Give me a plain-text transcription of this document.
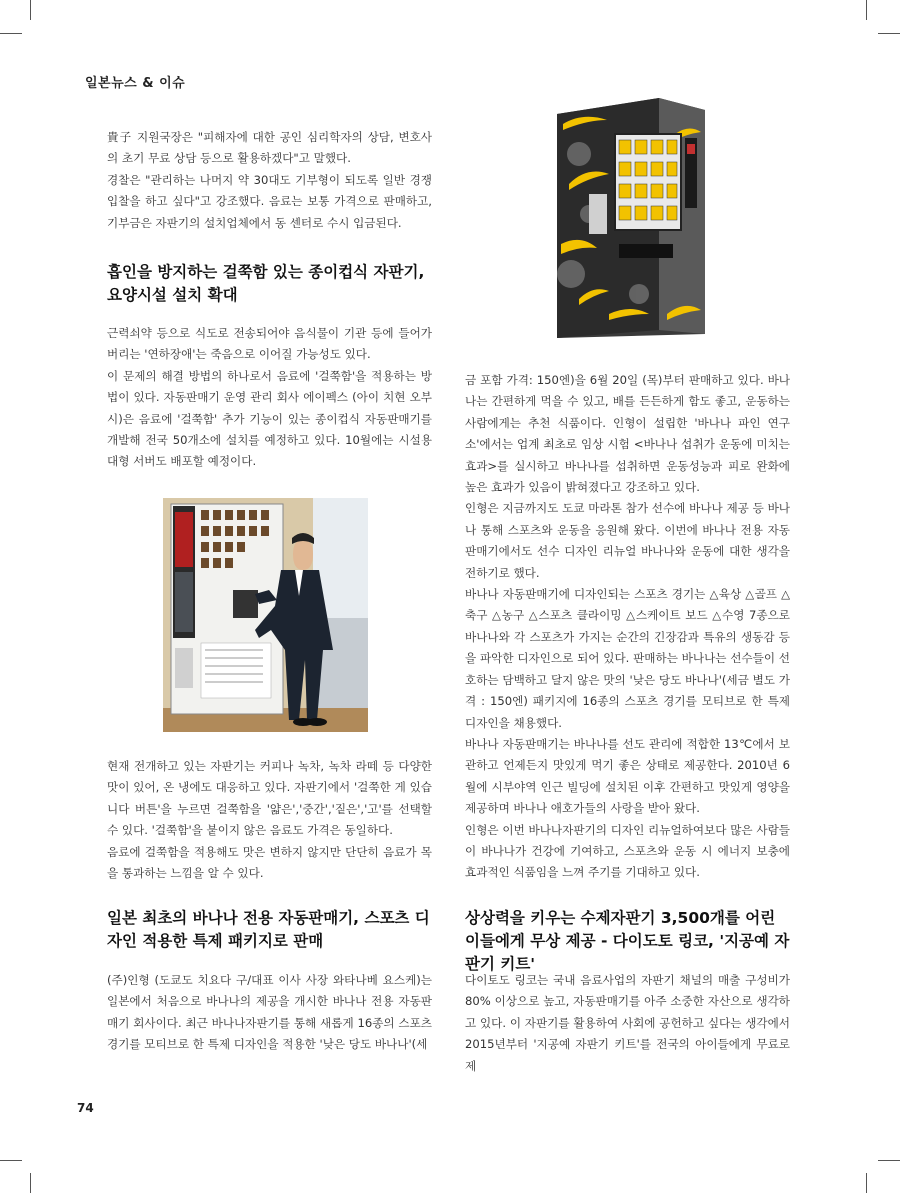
일본뉴스 & 이슈

貴子 지원국장은 "피해자에 대한 공인 심리학자의 상담, 변호사의 초기 무료 상담 등으로 활용하겠다"고 말했다.

경찰은 "관리하는 나머지 약 30대도 기부형이 되도록 일반 경쟁입찰을 하고 싶다"고 강조했다. 음료는 보통 가격으로 판매하고, 기부금은 자판기의 설치업체에서 동 센터로 수시 입금된다.

흡인을 방지하는 걸쭉함 있는 종이컵식 자판기, 요양시설 설치 확대

근력쇠약 등으로 식도로 전송되어야 음식물이 기관 등에 들어가 버리는 '연하장애'는 죽음으로 이어질 가능성도 있다.

이 문제의 해결 방법의 하나로서 음료에 '걸쭉함'을 적용하는 방법이 있다. 자동판매기 운영 관리 회사 에이펙스 (아이 치현 오부시)은 음료에 '걸쭉함' 추가 기능이 있는 종이컵식 자동판매기를 개발해 전국 50개소에 설치를 예정하고 있다. 10월에는 시설용 대형 서버도 배포할 예정이다.

현재 전개하고 있는 자판기는 커피나 녹차, 녹차 라떼 등 다양한 맛이 있어, 온 냉에도 대응하고 있다. 자판기에서 '걸쭉한 게 있습니다 버튼'을 누르면 걸쭉함을 '얇은','중간','짙은','고'를 선택할 수 있다. '걸쭉함'을 붙이지 않은 음료도 가격은 동일하다.

음료에 걸쭉함을 적용해도 맛은 변하지 않지만 단단히 음료가 목을 통과하는 느낌을 알 수 있다.

일본 최초의 바나나 전용 자동판매기, 스포츠 디자인 적용한 특제 패키지로 판매

(주)인형 (도쿄도 치요다 구/대표 이사 사장 와타나베 요스케)는 일본에서 처음으로 바나나의 제공을 개시한 바나나 전용 자동판매기 회사이다. 최근 바나나자판기를 통해 새롭게 16종의 스포츠 경기를 모티브로 한 특제 디자인을 적용한 '낮은 당도 바나나'(세

금 포함 가격: 150엔)을 6월 20일 (목)부터 판매하고 있다. 바나나는 간편하게 먹을 수 있고, 배를 든든하게 함도 좋고, 운동하는 사람에게는 추천 식품이다. 인형이 설립한 '바나나 파인 연구소'에서는 업계 최초로 임상 시험 <바나나 섭취가 운동에 미치는 효과>를 실시하고 바나나를 섭취하면 운동성능과 피로 완화에 높은 효과가 있음이 밝혀졌다고 강조하고 있다.

인형은 지금까지도 도쿄 마라톤 참가 선수에 바나나 제공 등 바나나 통해 스포츠와 운동을 응원해 왔다. 이번에 바나나 전용 자동판매기에서도 선수 디자인 리뉴얼 바나나와 운동에 대한 생각을 전하기로 했다.

바나나 자동판매기에 디자인되는 스포츠 경기는 △육상 △골프 △축구 △농구 △스포츠 클라이밍 △스케이트 보드 △수영 7종으로 바나나와 각 스포츠가 가지는 순간의 긴장감과 특유의 생동감 등을 파악한 디자인으로 되어 있다. 판매하는 바나나는 선수들이 선호하는 담백하고 달지 않은 맛의 '낮은 당도 바나나'(세금 별도 가격 : 150엔) 패키지에 16종의 스포츠 경기를 모티브로 한 특제 디자인을 채용했다.

바나나 자동판매기는 바나나를 선도 관리에 적합한 13℃에서 보관하고 언제든지 맛있게 먹기 좋은 상태로 제공한다. 2010년 6월에 시부야역 인근 빌딩에 설치된 이후 간편하고 맛있게 영양을 제공하며 바나나 애호가들의 사랑을 받아 왔다.

인형은 이번 바나나자판기의 디자인 리뉴얼하여보다 많은 사람들이 바나나가 건강에 기여하고, 스포츠와 운동 시 에너지 보충에 효과적인 식품임을 느껴 주기를 기대하고 있다.

상상력을 키우는 수제자판기 3,500개를 어린이들에게 무상 제공 - 다이도토 링코, '지공예 자판기 키트'

다이토도 링코는 국내 음료사업의 자판기 채널의 매출 구성비가 80% 이상으로 높고, 자동판매기를 아주 소중한 자산으로 생각하고 있다. 이 자판기를 활용하여 사회에 공헌하고 싶다는 생각에서 2015년부터 '지공예 자판기 키트'를 전국의 아이들에게 무료로 제

74
